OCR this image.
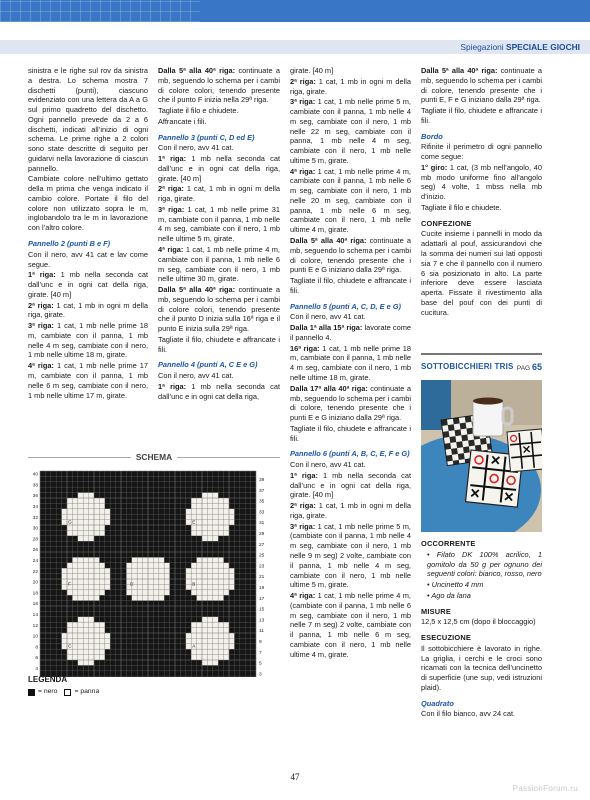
Spiegazioni SPECIALE GIOCHI

sinistra e le righe sul rov da sinistra a destra. Lo schema mostra 7 dischetti (punti), ciascuno evidenziato con una lettera da A a G sul primo quadretto del dischetto. Ogni pannello prevede da 2 a 6 dischetti, indicati all’inizio di ogni schema. Le prime righe a 2 colori sono state descritte di seguito per guidarvi nella lavorazione di ciascun pannello.

Cambiate colore nell’ultimo gettato della m prima che venga indicato il cambio colore. Portate il filo del colore non utilizzato sopra le m, inglobandolo tra le m in lavorazione con l’altro colore.

Pannello 2 (punti B e F)

Con il nero, avv 41 cat e lav come segue.

1ª riga: 1 mb nella seconda cat dall’unc e in ogni cat della riga, girate. [40 m]

2ª riga: 1 cat, 1 mb in ogni m della riga, girate.

3ª riga: 1 cat, 1 mb nelle prime 18 m, cambiate con il panna, 1 mb nelle 4 m seg, cambiate con il nero, 1 mb nelle ultime 18 m, girate.

4ª riga: 1 cat, 1 mb nelle prime 17 m, cambiate con il panna, 1 mb nelle 6 m seg, cambiate con il nero, 1 mb nelle ultime 17 m, girate.

Dalla 5ª alla 40ª riga: continuate a mb, seguendo lo schema per i cambi di colore colori, tenendo presente che il punto F inizia nella 29ª riga.

Tagliate il filo e chiudete.

Affrancate i fili.

Pannello 3 (punti C, D ed E)

Con il nero, avv 41 cat.

1ª riga: 1 mb nella seconda cat dall’unc e in ogni cat della riga, girate. [40 m]

2ª riga: 1 cat, 1 mb in ogni m della riga, girate.

3ª riga: 1 cat, 1 mb nelle prime 31 m, cambiate con il panna, 1 mb nelle 4 m seg, cambiate con il nero, 1 mb nelle ultime 5 m, girate.

4ª riga: 1 cat, 1 mb nelle prime 4 m, cambiate con il panna, 1 mb nelle 6 m seg, cambiate con il nero, 1 mb nelle ultime 30 m, girate.

Dalla 5ª alla 40ª riga: continuate a mb, seguendo lo schema per i cambi di colore colori, tenendo presente che il punto D inizia sulla 16ª riga e il punto E inizia sulla 29ª riga.

Tagliate il filo, chiudete e affrancate i fili.

Pannello 4 (punti A, C E e G)

Con il nero, avv 41 cat.

1ª riga: 1 mb nella seconda cat dall’unc e in ogni cat della riga,

girate. [40 m]

2ª riga: 1 cat, 1 mb in ogni m della riga, girate.

3ª riga: 1 cat, 1 mb nelle prime 5 m, cambiate con il panna, 1 mb nelle 4 m seg, cambiate con il nero, 1 mb nelle 22 m seg, cambiate con il panna, 1 mb nelle 4 m seg, cambiate con il nero, 1 mb nelle ultime 5 m, girate.

4ª riga: 1 cat, 1 mb nelle prime 4 m, cambiate con il panna, 1 mb nelle 6 m seg, cambiate con il nero, 1 mb nelle 20 m seg, cambiate con il panna, 1 mb nelle 6 m seg, cambiate con il nero, 1 mb nelle ultime 4 m, girate.

Dalla 5ª alla 40ª riga: continuate a mb, seguendo lo schema per i cambi di colore, tenendo presente che i punti E e G iniziano dalla 29ª riga.

Tagliate il filo, chiudete e affrancate i fili.

Pannello 5 (punti A, C, D, E e G)

Con il nero, avv 41 cat.

Dalla 1ª alla 15ª riga: lavorate come il pannello 4.

16ª riga: 1 cat, 1 mb nelle prime 18 m, cambiate con il panna, 1 mb nelle 4 m seg, cambiate con il nero, 1 mb nelle ultime 18 m, girate.

Dalla 17ª alla 40ª riga: continuate a mb, seguendo lo schema per i cambi di colore, tenendo presente che i punti E e G iniziano dalla 29ª riga.

Tagliate il filo, chiudete e affrancate i fili.

Pannello 6 (punti A, B, C, E, F e G)

Con il nero, avv 41 cat.

1ª riga: 1 mb nella seconda cat dall’unc e in ogni cat della riga, girate. [40 m]

2ª riga: 1 cat, 1 mb in ogni m della riga, girate.

3ª riga: 1 cat, 1 mb nelle prime 5 m, (cambiate con il panna, 1 mb nelle 4 m seg, cambiate con il nero, 1 mb nelle 9 m seg) 2 volte, cambiate con il panna, 1 mb nelle 4 m seg, cambiate con il nero, 1 mb nelle ultime 5 m, girate.

4ª riga: 1 cat, 1 mb nelle prime 4 m, (cambiate con il panna, 1 mb nelle 6 m seg, cambiate con il nero, 1 mb nelle 7 m seg) 2 volte, cambiate con il panna, 1 mb nelle 6 m seg, cambiate con il nero, 1 mb nelle ultime 4 m, girate.

Dalla 5ª alla 40ª riga: continuate a mb, seguendo lo schema per i cambi di colore, tenendo presente che i punti E, F e G iniziano dalla 29ª riga.

Tagliate il filo, chiudete e affrancate i fili.

Bordo

Rifinite il perimetro di ogni pannello come segue:

1° giro: 1 cat, (3 mb nell’angolo, 40 mb modo uniforme fino all’angolo seg) 4 volte, 1 mbss nella mb d’inizio.

Tagliate il filo e chiudete.

CONFEZIONE

Cucite insieme i pannelli in modo da adattarli al pouf, assicurandovi che la somma dei numeri sui lati opposti sia 7 e che il pannello con il numero 6 sia posizionato in alto. La parte inferiore deve essere lasciata aperta. Fissate il rivestimento alla base del pouf con dei punti di cucitura.

SOTTOBICCHIERI TRIS PAG 65
OCCORRENTE

• Filato DK 100% acrilico, 1 gomitolo da 50 g per ognuno dei seguenti colori: bianco, rosso, nero

• Uncinetto 4 mm

• Ago da lana

MISURE

12,5 x 12,5 cm (dopo il bloccaggio)

ESECUZIONE

Il sottobicchiere è lavorato in righe. La griglia, i cerchi e le croci sono ricamati con la tecnica dell’uncinetto di superficie (une sup, vedi istruzioni plaid).

Quadrato

Con il filo bianco, avv 24 cat.

SCHEMA
G	E
F	D	B
C	A
40
38
36
34
32
30
28
26
24
22
20
18
16
14
12
10
8
6
4
39
37
35
33
31
29
27
25
23
21
19
17
15
13
11
9
7
5
3
LEGENDA
= nero	= panna
47
PassionForum.ru
